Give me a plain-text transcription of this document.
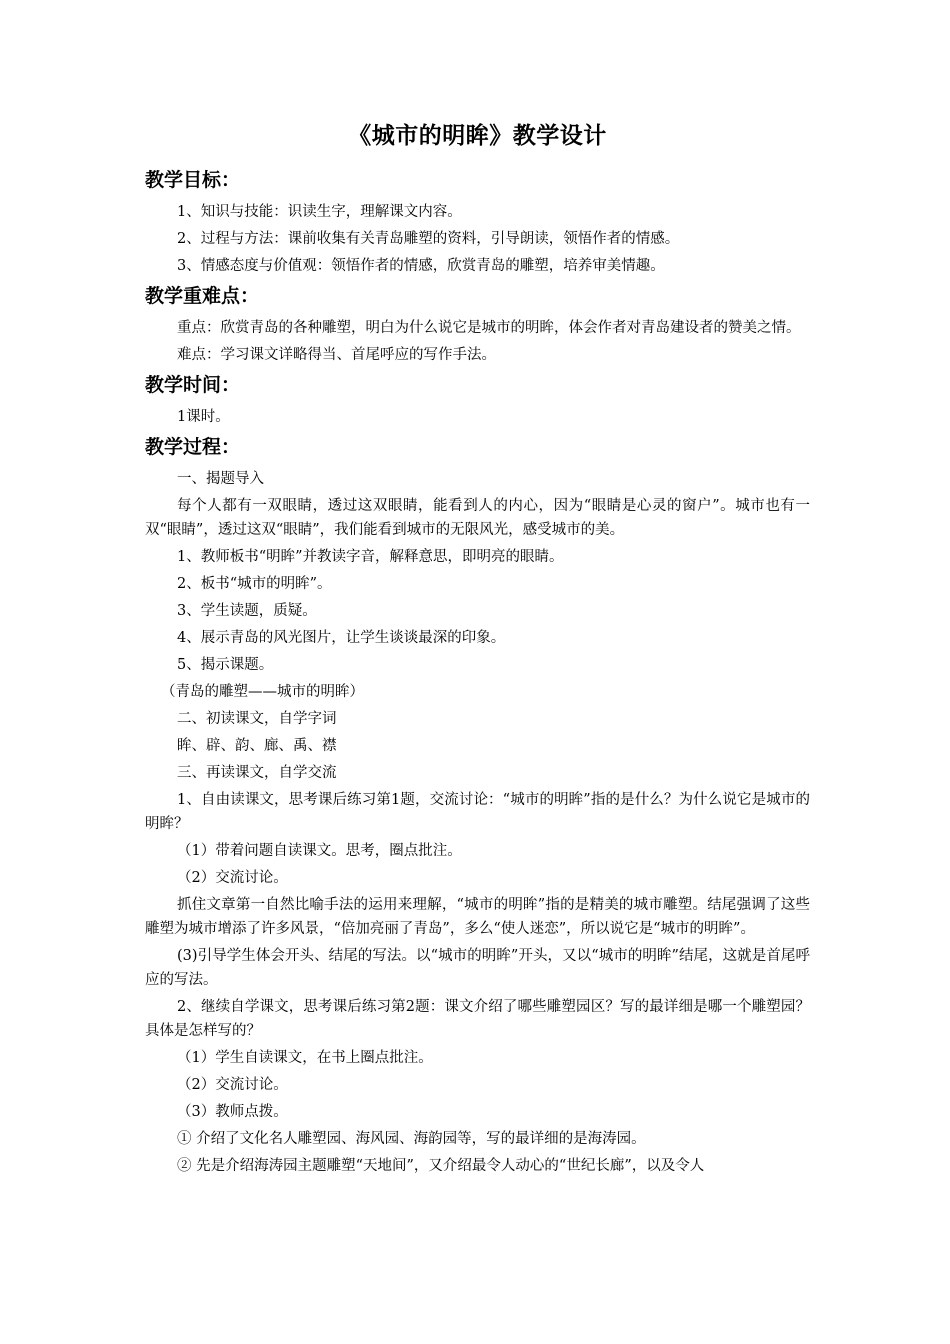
《城市的明眸》教学设计
教学目标：

1、知识与技能：识读生字，理解课文内容。

2、过程与方法：课前收集有关青岛雕塑的资料，引导朗读，领悟作者的情感。

3、情感态度与价值观：领悟作者的情感，欣赏青岛的雕塑，培养审美情趣。

教学重难点：

重点：欣赏青岛的各种雕塑，明白为什么说它是城市的明眸，体会作者对青岛建设者的赞美之情。

难点：学习课文详略得当、首尾呼应的写作手法。

教学时间：

1课时。

教学过程：

一、揭题导入

每个人都有一双眼睛，透过这双眼睛，能看到人的内心，因为“眼睛是心灵的窗户”。城市也有一双“眼睛”，透过这双“眼睛”，我们能看到城市的无限风光，感受城市的美。

1、教师板书“明眸”并教读字音，解释意思，即明亮的眼睛。

2、板书“城市的明眸”。

3、学生读题，质疑。

4、展示青岛的风光图片，让学生谈谈最深的印象。

5、揭示课题。

（青岛的雕塑——城市的明眸）

二、初读课文，自学字词

眸、辟、韵、廊、禹、襟

三、再读课文，自学交流

1、自由读课文，思考课后练习第1题，交流讨论：“城市的明眸”指的是什么？为什么说它是城市的明眸？

（1）带着问题自读课文。思考，圈点批注。

（2）交流讨论。

抓住文章第一自然比喻手法的运用来理解，“城市的明眸”指的是精美的城市雕塑。结尾强调了这些雕塑为城市增添了许多风景，“倍加亮丽了青岛”，多么“使人迷恋”，所以说它是“城市的明眸”。

(3)引导学生体会开头、结尾的写法。以“城市的明眸”开头，又以“城市的明眸”结尾，这就是首尾呼应的写法。

2、继续自学课文，思考课后练习第2题：课文介绍了哪些雕塑园区？写的最详细是哪一个雕塑园？具体是怎样写的？

（1）学生自读课文，在书上圈点批注。

（2）交流讨论。

（3）教师点拨。

① 介绍了文化名人雕塑园、海风园、海韵园等，写的最详细的是海涛园。

② 先是介绍海涛园主题雕塑“天地间”，又介绍最令人动心的“世纪长廊”，以及令人
